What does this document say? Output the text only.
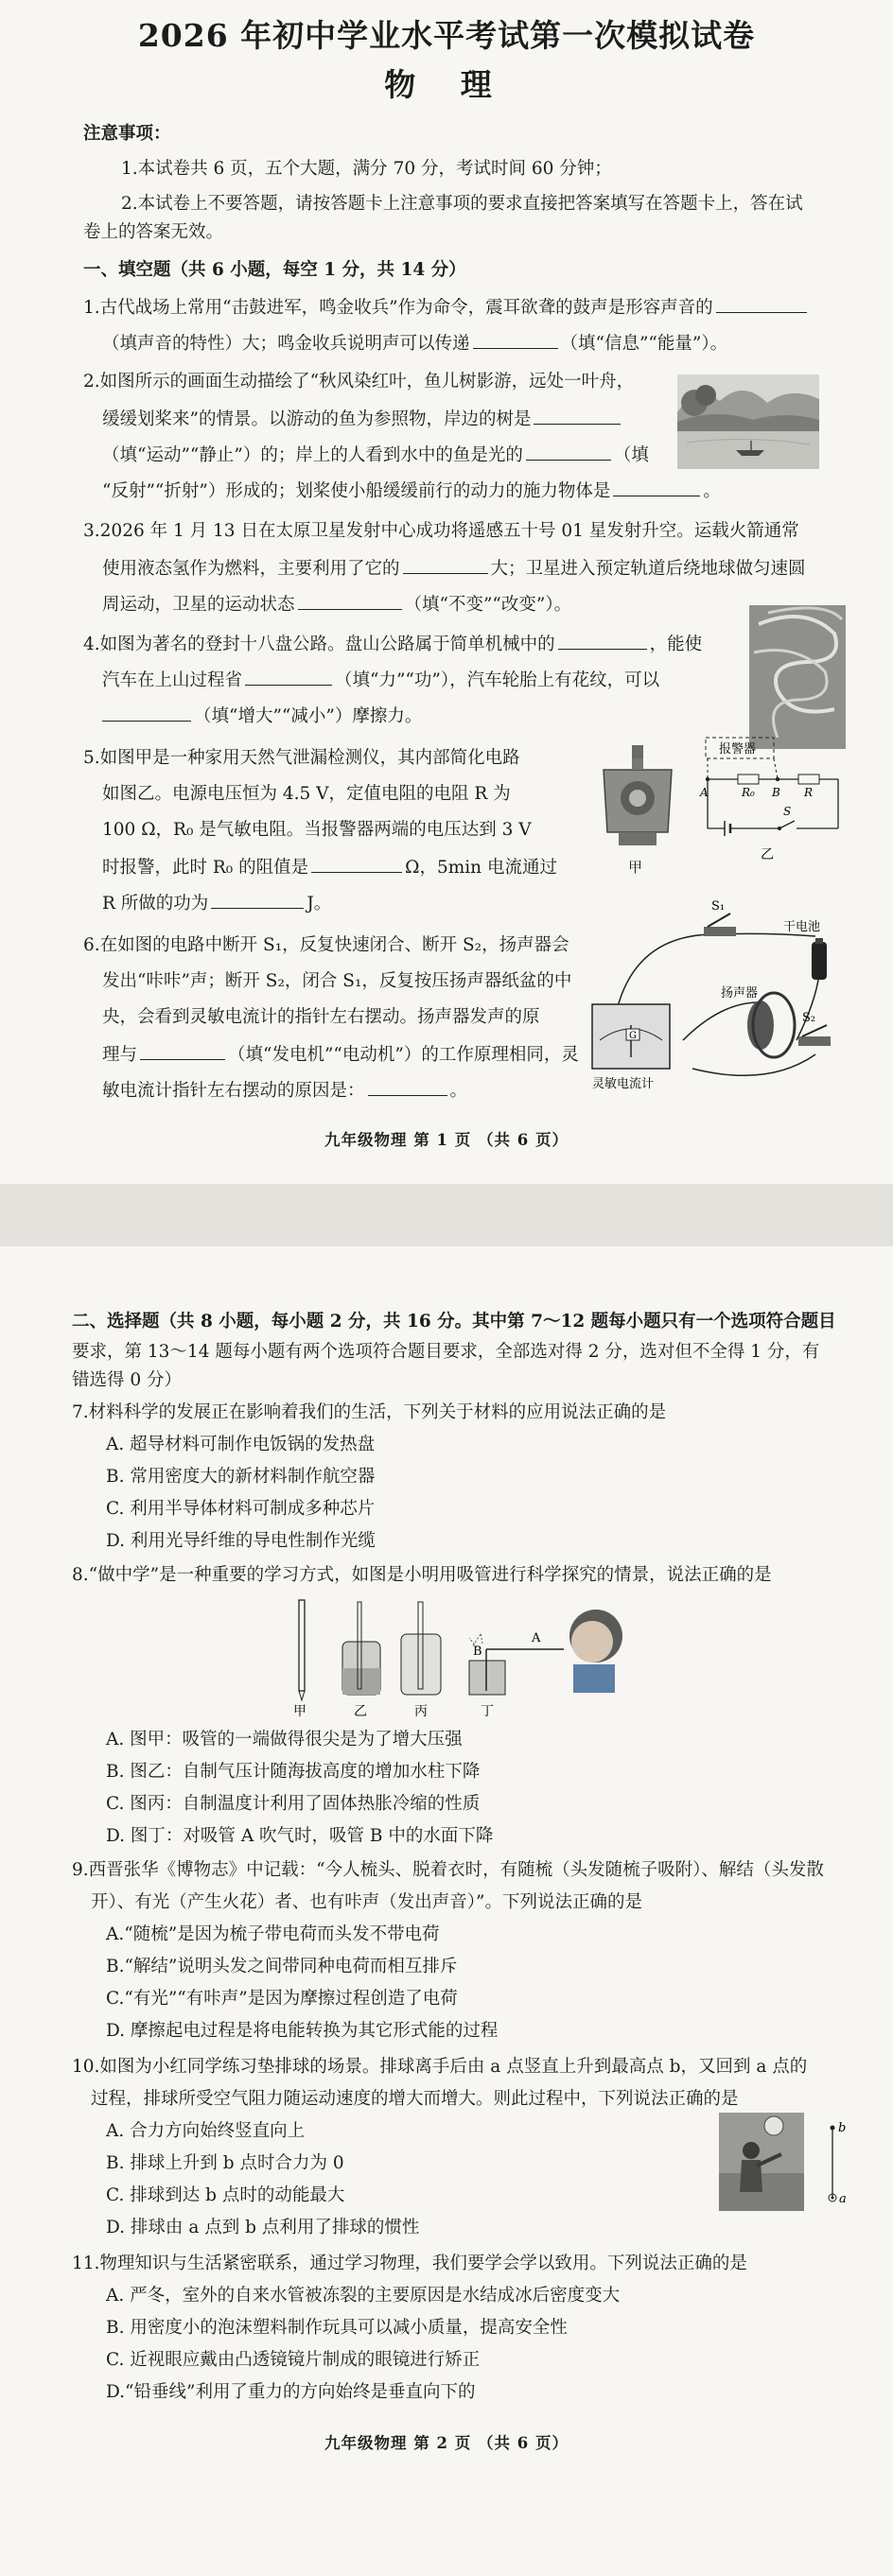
2026 年初中学业水平考试第一次模拟试卷
物 理
注意事项：
1.本试卷共 6 页，五个大题，满分 70 分，考试时间 60 分钟；
2.本试卷上不要答题，请按答题卡上注意事项的要求直接把答案填写在答题卡上，答在试
卷上的答案无效。
一、填空题（共 6 小题，每空 1 分，共 14 分）
1.古代战场上常用“击鼓进军，鸣金收兵”作为命令，震耳欲聋的鼓声是形容声音的
（填声音的特性）大；鸣金收兵说明声可以传递	（填“信息”“能量”）。
2.如图所示的画面生动描绘了“秋风染红叶，鱼儿树影游，远处一叶舟，
缓缓划桨来”的情景。以游动的鱼为参照物，岸边的树是
（填“运动”“静止”）的；岸上的人看到水中的鱼是光的	（填
“反射”“折射”）形成的；划桨使小船缓缓前行的动力的施力物体是	。
3.2026 年 1 月 13 日在太原卫星发射中心成功将遥感五十号 01 星发射升空。运载火箭通常
使用液态氢作为燃料，主要利用了它的	大；卫星进入预定轨道后绕地球做匀速圆
周运动，卫星的运动状态	（填“不变”“改变”）。
4.如图为著名的登封十八盘公路。盘山公路属于简单机械中的	，能使
汽车在上山过程省	（填“力”“功”），汽车轮胎上有花纹，可以
（填“增大”“减小”）摩擦力。
5.如图甲是一种家用天然气泄漏检测仪，其内部简化电路
如图乙。电源电压恒为 4.5 V，定值电阻的电阻 R 为
100 Ω，R₀ 是气敏电阻。当报警器两端的电压达到 3 V
时报警，此时 R₀ 的阻值是	Ω，5min 电流通过
R 所做的功为	J。
甲
报警器
A	R₀ B R
S
乙
6.在如图的电路中断开 S₁，反复快速闭合、断开 S₂，扬声器会
发出“咔咔”声；断开 S₂，闭合 S₁，反复按压扬声器纸盆的中
央，会看到灵敏电流计的指针左右摆动。扬声器发声的原
理与	（填“发电机”“电动机”）的工作原理相同，灵
敏电流计指针左右摆动的原因是：	。
G
S₁
干电池
扬声器
S₂
灵敏电流计
九年级物理 第 1 页 （共 6 页）
二、选择题（共 8 小题，每小题 2 分，共 16 分。其中第 7～12 题每小题只有一个选项符合题目
要求，第 13～14 题每小题有两个选项符合题目要求，全部选对得 2 分，选对但不全得 1 分，有
错选得 0 分）
7.材料科学的发展正在影响着我们的生活，下列关于材料的应用说法正确的是
A. 超导材料可制作电饭锅的发热盘
B. 常用密度大的新材料制作航空器
C. 利用半导体材料可制成多种芯片
D. 利用光导纤维的导电性制作光缆
8.“做中学”是一种重要的学习方式，如图是小明用吸管进行科学探究的情景，说法正确的是
A
B
甲	乙	丙	丁
A. 图甲：吸管的一端做得很尖是为了增大压强
B. 图乙：自制气压计随海拔高度的增加水柱下降
C. 图丙：自制温度计利用了固体热胀冷缩的性质
D. 图丁：对吸管 A 吹气时，吸管 B 中的水面下降
9.西晋张华《博物志》中记载：“今人梳头、脱着衣时，有随梳（头发随梳子吸附）、解结（头发散
开）、有光（产生火花）者、也有咔声（发出声音）”。下列说法正确的是
A.“随梳”是因为梳子带电荷而头发不带电荷
B.“解结”说明头发之间带同种电荷而相互排斥
C.“有光”“有咔声”是因为摩擦过程创造了电荷
D. 摩擦起电过程是将电能转换为其它形式能的过程
10.如图为小红同学练习垫排球的场景。排球离手后由 a 点竖直上升到最高点 b，又回到 a 点的
过程，排球所受空气阻力随运动速度的增大而增大。则此过程中，下列说法正确的是
A. 合力方向始终竖直向上
B. 排球上升到 b 点时合力为 0
C. 排球到达 b 点时的动能最大
D. 排球由 a 点到 b 点利用了排球的惯性
b
a
11.物理知识与生活紧密联系，通过学习物理，我们要学会学以致用。下列说法正确的是
A. 严冬，室外的自来水管被冻裂的主要原因是水结成冰后密度变大
B. 用密度小的泡沫塑料制作玩具可以减小质量，提高安全性
C. 近视眼应戴由凸透镜镜片制成的眼镜进行矫正
D.“铅垂线”利用了重力的方向始终是垂直向下的
九年级物理 第 2 页 （共 6 页）
